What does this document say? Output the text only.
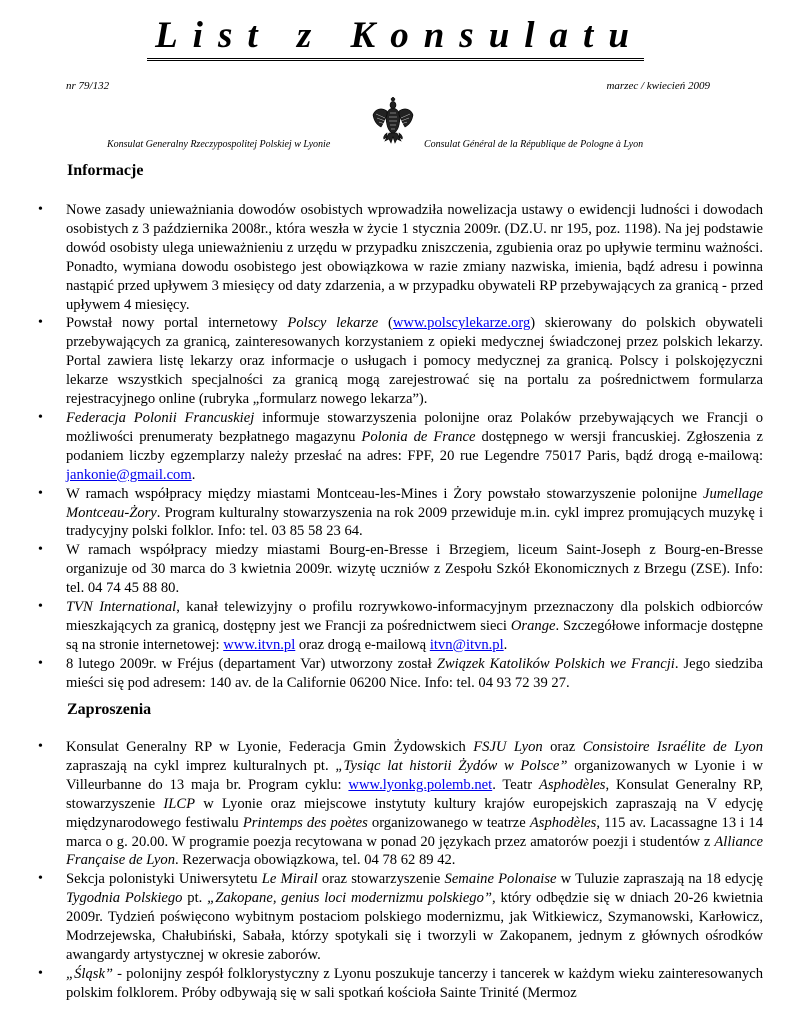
List z Konsulatu
nr 79/132	marzec / kwiecień 2009
Konsulat Generalny Rzeczypospolitej Polskiej w Lyonie	Consulat Général de la République de Pologne à Lyon
Informacje
• Nowe zasady unieważniania dowodów osobistych wprowadziła nowelizacja ustawy o ewidencji ludności i dowodach osobistych z 3 października 2008r., która weszła w życie 1 stycznia 2009r. (DZ.U. nr 195, poz. 1198). Na jej podstawie dowód osobisty ulega unieważnieniu z urzędu w przypadku zniszczenia, zgubienia oraz po upływie terminu ważności. Ponadto, wymiana dowodu osobistego jest obowiązkowa w razie zmiany nazwiska, imienia, bądź adresu i powinna nastąpić przed upływem 3 miesięcy od daty zdarzenia, a w przypadku obywateli RP przebywających za granicą - przed upływem 4 miesięcy.
• Powstał nowy portal internetowy Polscy lekarze (www.polscylekarze.org) skierowany do polskich obywateli przebywających za granicą, zainteresowanych korzystaniem z opieki medycznej świadczonej przez polskich lekarzy. Portal zawiera listę lekarzy oraz informacje o usługach i pomocy medycznej za granicą. Polscy i polskojęzyczni lekarze wszystkich specjalności za granicą mogą zarejestrować się na portalu za pośrednictwem formularza rejestracyjnego online (rubryka „formularz nowego lekarza”).
• Federacja Polonii Francuskiej informuje stowarzyszenia polonijne oraz Polaków przebywających we Francji o możliwości prenumeraty bezpłatnego magazynu Polonia de France dostępnego w wersji francuskiej. Zgłoszenia z podaniem liczby egzemplarzy należy przesłać na adres: FPF, 20 rue Legendre 75017 Paris, bądź drogą e-mailową: jankonie@gmail.com.
• W ramach współpracy między miastami Montceau-les-Mines i Żory powstało stowarzyszenie polonijne Jumellage Montceau-Żory. Program kulturalny stowarzyszenia na rok 2009 przewiduje m.in. cykl imprez promujących muzykę i tradycyjny polski folklor. Info: tel. 03 85 58 23 64.
• W ramach współpracy miedzy miastami Bourg-en-Bresse i Brzegiem, liceum Saint-Joseph z Bourg-en-Bresse organizuje od 30 marca do 3 kwietnia 2009r. wizytę uczniów z Zespołu Szkół Ekonomicznych z Brzegu (ZSE). Info: tel. 04 74 45 88 80.
• TVN International, kanał telewizyjny o profilu rozrywkowo-informacyjnym przeznaczony dla polskich odbiorców mieszkających za granicą, dostępny jest we Francji za pośrednictwem sieci Orange. Szczegółowe informacje dostępne są na stronie internetowej: www.itvn.pl oraz drogą e-mailową itvn@itvn.pl.
• 8 lutego 2009r. w Fréjus (departament Var) utworzony został Związek Katolików Polskich we Francji. Jego siedziba mieści się pod adresem: 140 av. de la Californie 06200 Nice. Info: tel. 04 93 72 39 27.
Zaproszenia
• Konsulat Generalny RP w Lyonie, Federacja Gmin Żydowskich FSJU Lyon oraz Consistoire Israélite de Lyon zapraszają na cykl imprez kulturalnych pt. „Tysiąc lat historii Żydów w Polsce” organizowanych w Lyonie i w Villeurbanne do 13 maja br. Program cyklu: www.lyonkg.polemb.net. Teatr Asphodèles, Konsulat Generalny RP, stowarzyszenie ILCP w Lyonie oraz miejscowe instytuty kultury krajów europejskich zapraszają na V edycję międzynarodowego festiwalu Printemps des poètes organizowanego w teatrze Asphodèles, 115 av. Lacassagne 13 i 14 marca o g. 20.00. W programie poezja recytowana w ponad 20 językach przez amatorów poezji i studentów z Alliance Française de Lyon. Rezerwacja obowiązkowa, tel. 04 78 62 89 42.
• Sekcja polonistyki Uniwersytetu Le Mirail oraz stowarzyszenie Semaine Polonaise w Tuluzie zapraszają na 18 edycję Tygodnia Polskiego pt. „Zakopane, genius loci modernizmu polskiego”, który odbędzie się w dniach 20-26 kwietnia 2009r. Tydzień poświęcono wybitnym postaciom polskiego modernizmu, jak Witkiewicz, Szymanowski, Karłowicz, Modrzejewska, Chałubiński, Sabała, którzy spotykali się i tworzyli w Zakopanem, jednym z głównych ośrodków awangardy artystycznej w okresie zaborów.
• „Śląsk” - polonijny zespół folklorystyczny z Lyonu poszukuje tancerzy i tancerek w każdym wieku zainteresowanych polskim folklorem. Próby odbywają się w sali spotkań kościoła Sainte Trinité (Mermoz
